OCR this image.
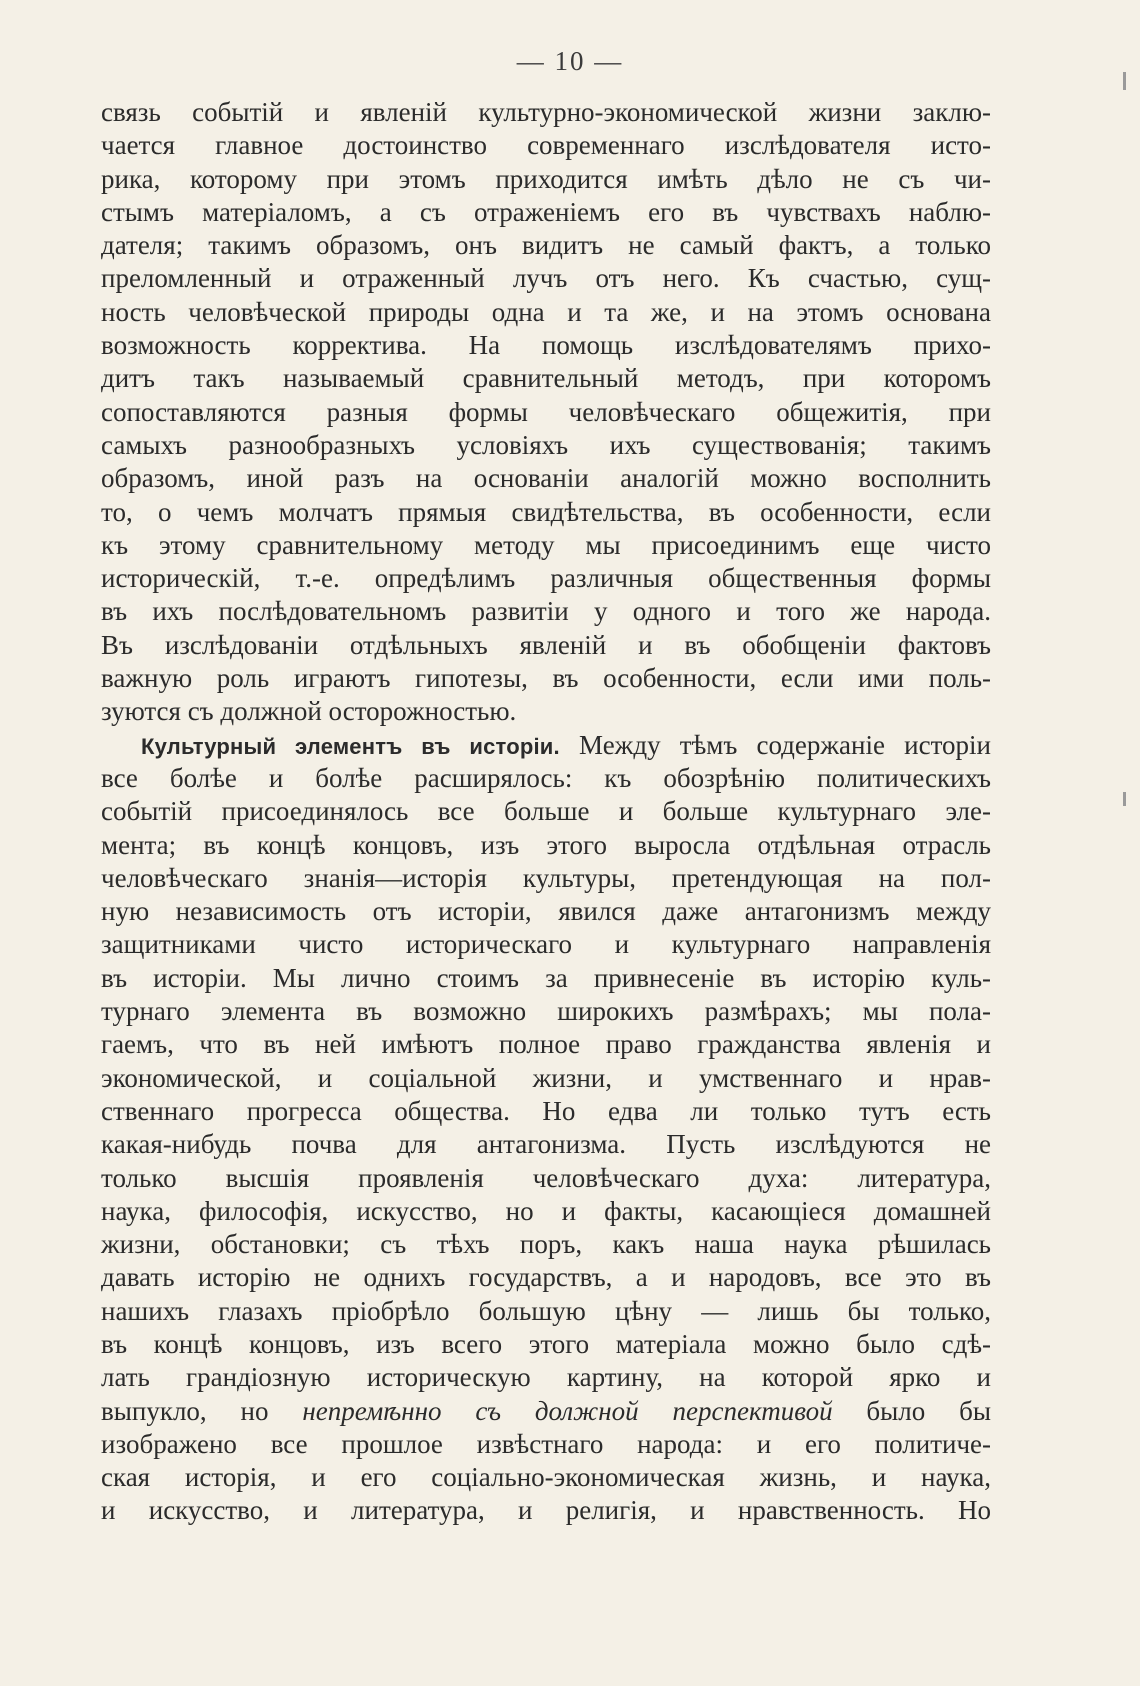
— 10 —
связь событій и явленій культурно-экономической жизни заклю-
чается главное достоинство современнаго изслѣдователя исто-
рика, которому при этомъ приходится имѣть дѣло не съ чи-
стымъ матеріаломъ, а съ отраженіемъ его въ чувствахъ наблю-
дателя; такимъ образомъ, онъ видитъ не самый фактъ, а только
преломленный и отраженный лучъ отъ него. Къ счастью, сущ-
ность человѣческой природы одна и та же, и на этомъ основана
возможность корректива. На помощь изслѣдователямъ прихо-
дитъ такъ называемый сравнительный методъ, при которомъ
сопоставляются разныя формы человѣческаго общежитія, при
самыхъ разнообразныхъ условіяхъ ихъ существованія; такимъ
образомъ, иной разъ на основаніи аналогій можно восполнить
то, о чемъ молчатъ прямыя свидѣтельства, въ особенности, если
къ этому сравнительному методу мы присоединимъ еще чисто
историческій, т.-е. опредѣлимъ различныя общественныя формы
въ ихъ послѣдовательномъ развитіи у одного и того же народа.
Въ изслѣдованіи отдѣльныхъ явленій и въ обобщеніи фактовъ
важную роль играютъ гипотезы, въ особенности, если ими поль-
зуются съ должной осторожностью.
Культурный элементъ въ исторіи. Между тѣмъ содержаніе исторіи
все болѣе и болѣе расширялось: къ обозрѣнію политическихъ
событій присоединялось все больше и больше культурнаго эле-
мента; въ концѣ концовъ, изъ этого выросла отдѣльная отрасль
человѣческаго знанія—исторія культуры, претендующая на пол-
ную независимость отъ исторіи, явился даже антагонизмъ между
защитниками чисто историческаго и культурнаго направленія
въ исторіи. Мы лично стоимъ за привнесеніе въ исторію куль-
турнаго элемента въ возможно широкихъ размѣрахъ; мы пола-
гаемъ, что въ ней имѣютъ полное право гражданства явленія и
экономической, и соціальной жизни, и умственнаго и нрав-
ственнаго прогресса общества. Но едва ли только тутъ есть
какая-нибудь почва для антагонизма. Пусть изслѣдуются не
только высшія проявленія человѣческаго духа: литература,
наука, философія, искусство, но и факты, касающіеся домашней
жизни, обстановки; съ тѣхъ поръ, какъ наша наука рѣшилась
давать исторію не однихъ государствъ, а и народовъ, все это въ
нашихъ глазахъ пріобрѣло большую цѣну — лишь бы только,
въ концѣ концовъ, изъ всего этого матеріала можно было сдѣ-
лать грандіозную историческую картину, на которой ярко и
выпукло, но непремѣнно съ должной перспективой было бы
изображено все прошлое извѣстнаго народа: и его политиче-
ская исторія, и его соціально-экономическая жизнь, и наука,
и искусство, и литература, и религія, и нравственность. Но
